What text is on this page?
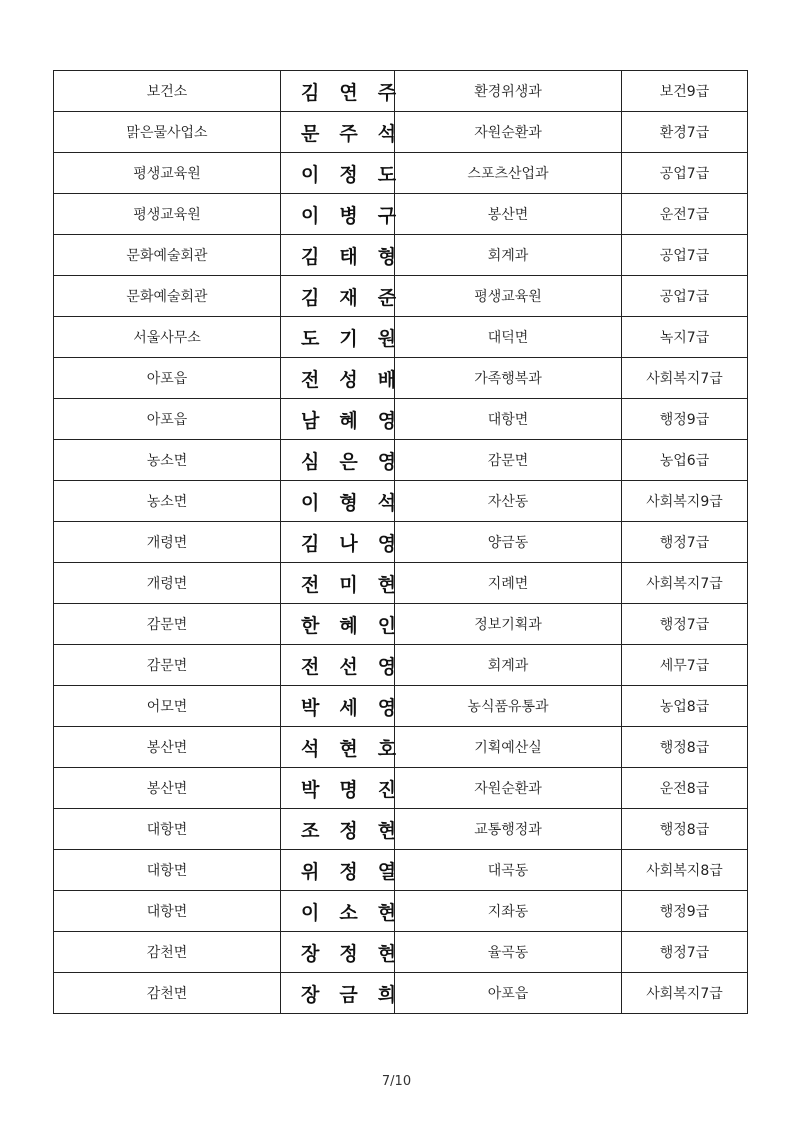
보건소	김연주	환경위생과	보건9급
맑은물사업소	문주석	자원순환과	환경7급
평생교육원	이정도	스포츠산업과	공업7급
평생교육원	이병구	봉산면	운전7급
문화예술회관	김태형	회계과	공업7급
문화예술회관	김재준	평생교육원	공업7급
서울사무소	도기원	대덕면	녹지7급
아포읍	전성배	가족행복과	사회복지7급
아포읍	남혜영	대항면	행정9급
농소면	심은영	감문면	농업6급
농소면	이형석	자산동	사회복지9급
개령면	김나영	양금동	행정7급
개령면	전미현	지례면	사회복지7급
감문면	한혜인	정보기획과	행정7급
감문면	전선영	회계과	세무7급
어모면	박세영	농식품유통과	농업8급
봉산면	석현호	기획예산실	행정8급
봉산면	박명진	자원순환과	운전8급
대항면	조정현	교통행정과	행정8급
대항면	위정열	대곡동	사회복지8급
대항면	이소현	지좌동	행정9급
감천면	장정현	율곡동	행정7급
감천면	장금희	아포읍	사회복지7급
7/10
